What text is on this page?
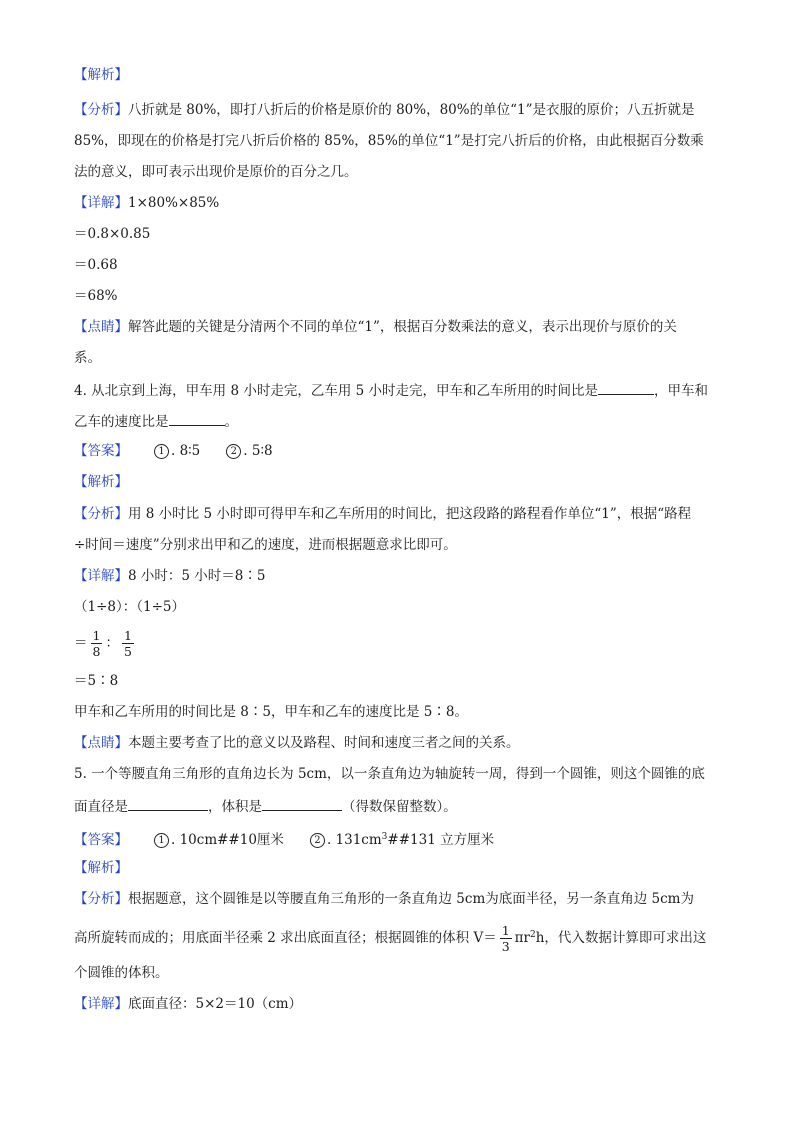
【解析】
【分析】八折就是 80%，即打八折后的价格是原价的 80%，80%的单位“1”是衣服的原价；八五折就是
85%，即现在的价格是打完八折后价格的 85%，85%的单位“1”是打完八折后的价格，由此根据百分数乘
法的意义，即可表示出现价是原价的百分之几。
【详解】1×80%×85%
＝0.8×0.85
＝0.68
＝68%
【点睛】解答此题的关键是分清两个不同的单位“1”，根据百分数乘法的意义，表示出现价与原价的关
系。
4. 从北京到上海，甲车用 8 小时走完，乙车用 5 小时走完，甲车和乙车所用的时间比是	，甲车和
乙车的速度比是	。
【答案】	1 . 8∶5	2 . 5∶8
【解析】
【分析】用 8 小时比 5 小时即可得甲车和乙车所用的时间比，把这段路的路程看作单位“1”，根据“路程
÷时间＝速度”分别求出甲和乙的速度，进而根据题意求比即可。
【详解】8 小时：5 小时＝8∶5
（1÷8）：（1÷5）
＝ $\frac{1}{8}$ ： $\frac{1}{5}$
＝5∶8
甲车和乙车所用的时间比是 8∶5，甲车和乙车的速度比是 5∶8。
【点睛】本题主要考查了比的意义以及路程、时间和速度三者之间的关系。
5. 一个等腰直角三角形的直角边长为 5cm，以一条直角边为轴旋转一周，得到一个圆锥，则这个圆锥的底
面直径是	，体积是	（得数保留整数）。
【答案】	1 . 10cm##10厘米	2 . $131cm^3\#\#131$ 立方厘米
【解析】
【分析】根据题意，这个圆锥是以等腰直角三角形的一条直角边 5cm为底面半径，另一条直角边 5cm为
高所旋转而成的；用底面半径乘 2 求出底面直径；根据圆锥的体积 $V= \frac{1}{3} \pi r^2h$，代入数据计算即可求出这
个圆锥的体积。
【详解】底面直径：5×2＝10（cm）
